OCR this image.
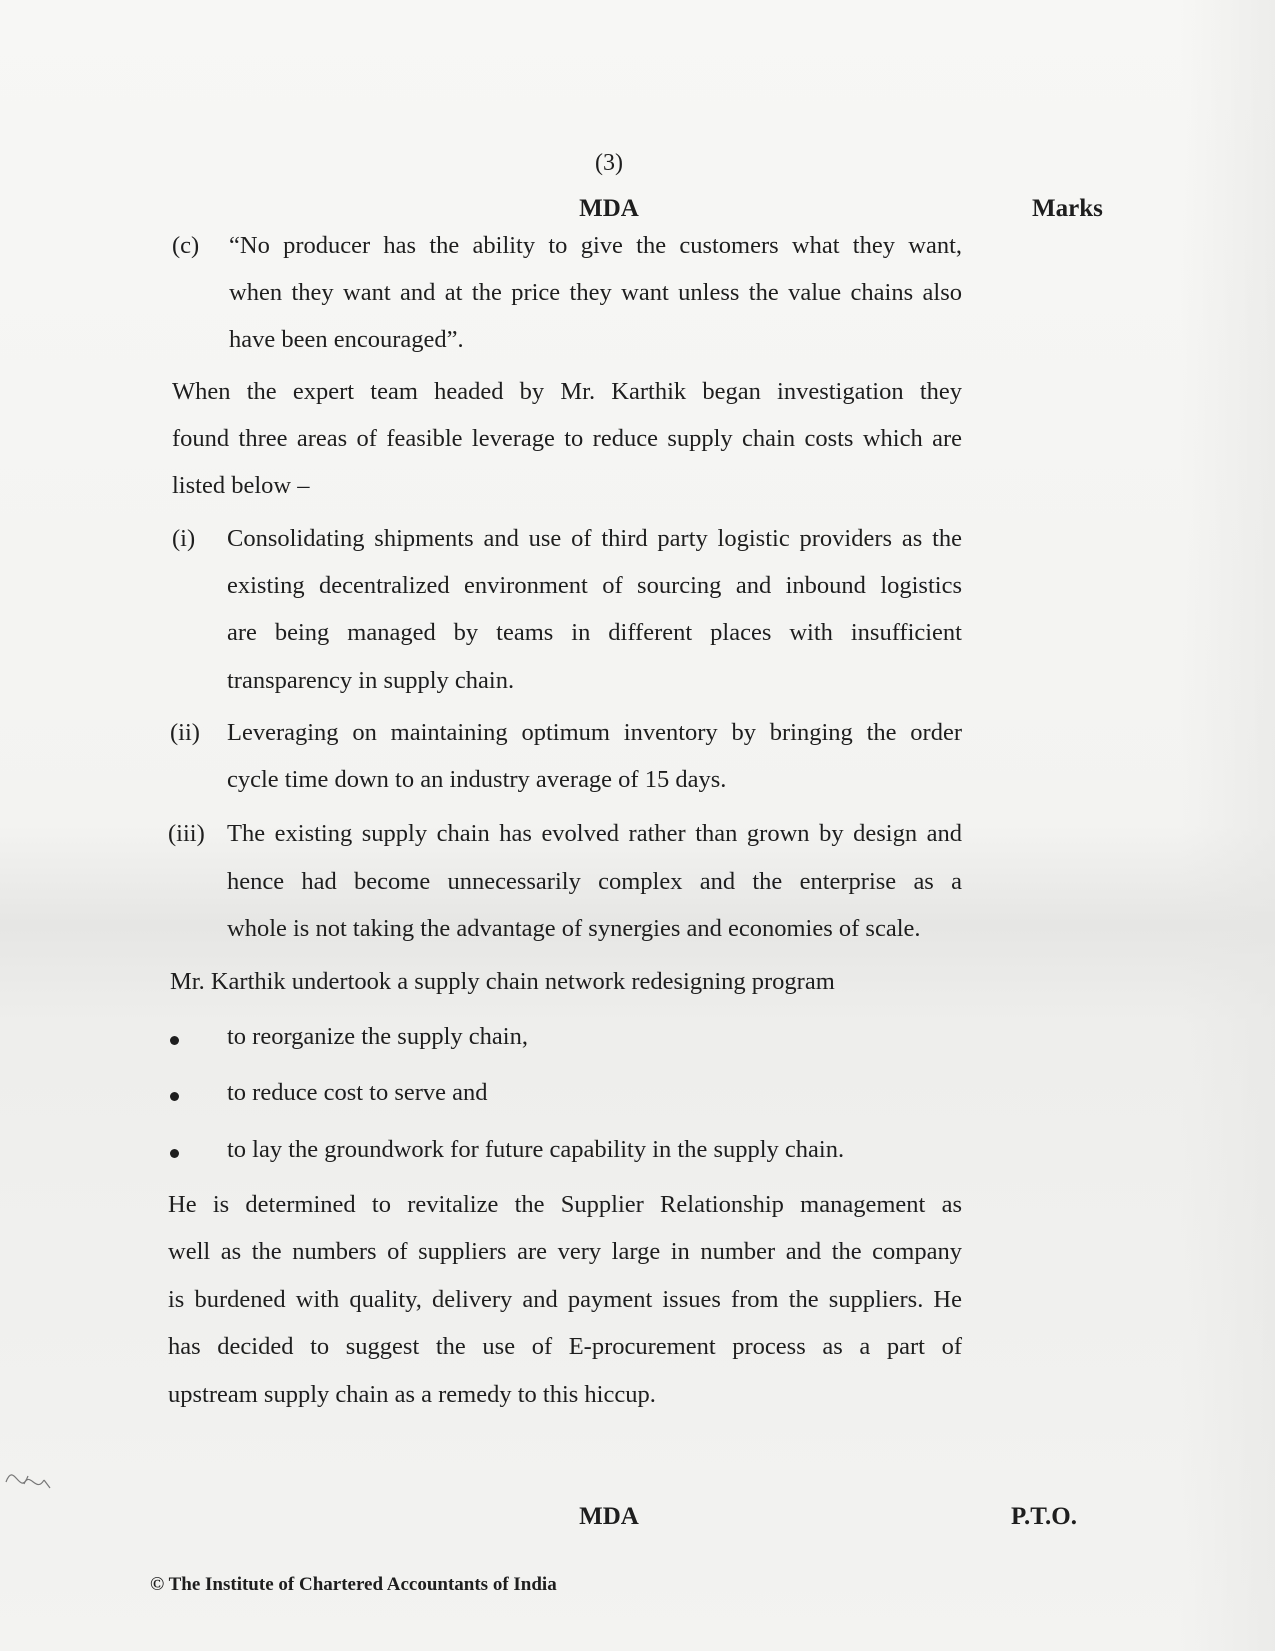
(3)
MDA	Marks
(c) “No producer has the ability to give the customers what they want,
when they want and at the price they want unless the value chains also
have been encouraged”.
When the expert team headed by Mr. Karthik began investigation they
found three areas of feasible leverage to reduce supply chain costs which are
listed below –
(i) Consolidating shipments and use of third party logistic providers as the
existing decentralized environment of sourcing and inbound logistics
are being managed by teams in different places with insufficient
transparency in supply chain.
(ii) Leveraging on maintaining optimum inventory by bringing the order
cycle time down to an industry average of 15 days.
(iii) The existing supply chain has evolved rather than grown by design and
hence had become unnecessarily complex and the enterprise as a
whole is not taking the advantage of synergies and economies of scale.
Mr. Karthik undertook a supply chain network redesigning program
to reorganize the supply chain,
to reduce cost to serve and
to lay the groundwork for future capability in the supply chain.
He is determined to revitalize the Supplier Relationship management as
well as the numbers of suppliers are very large in number and the company
is burdened with quality, delivery and payment issues from the suppliers. He
has decided to suggest the use of E-procurement process as a part of
upstream supply chain as a remedy to this hiccup.
MDA	P.T.O.
© The Institute of Chartered Accountants of India
